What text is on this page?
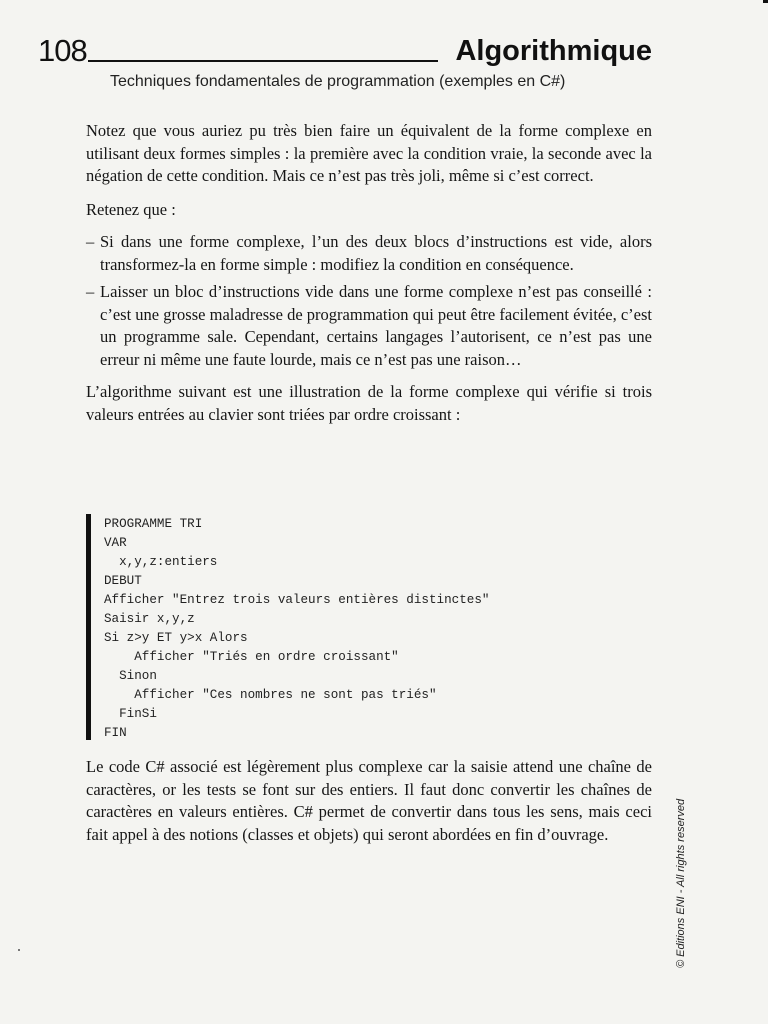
108	Algorithmique
Techniques fondamentales de programmation (exemples en C#)

Notez que vous auriez pu très bien faire un équivalent de la forme complexe en utilisant deux formes simples : la première avec la condition vraie, la seconde avec la négation de cette condition. Mais ce n’est pas très joli, même si c’est correct.

Retenez que :

– Si dans une forme complexe, l’un des deux blocs d’instructions est vide, alors transformez-la en forme simple : modifiez la condition en conséquence.
– Laisser un bloc d’instructions vide dans une forme complexe n’est pas conseillé : c’est une grosse maladresse de programmation qui peut être facilement évitée, c’est un programme sale. Cependant, certains langages l’autorisent, ce n’est pas une erreur ni même une faute lourde, mais ce n’est pas une raison…

L’algorithme suivant est une illustration de la forme complexe qui vérifie si trois valeurs entrées au clavier sont triées par ordre croissant :

PROGRAMME TRI
VAR
x,y,z:entiers
DEBUT
Afficher "Entrez trois valeurs entières distinctes"
Saisir x,y,z
Si z>y ET y>x Alors
Afficher "Triés en ordre croissant"
Sinon
Afficher "Ces nombres ne sont pas triés"
FinSi
FIN

Le code C# associé est légèrement plus complexe car la saisie attend une chaîne de caractères, or les tests se font sur des entiers. Il faut donc convertir les chaînes de caractères en valeurs entières. C# permet de convertir dans tous les sens, mais ceci fait appel à des notions (classes et objets) qui seront abordées en fin d’ouvrage.	© Editions ENI - All rights reserved
